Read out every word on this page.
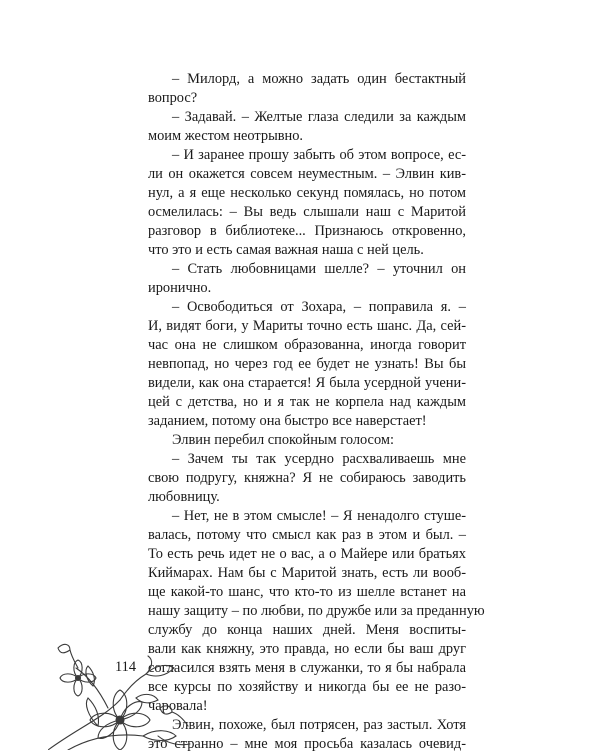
– Милорд, а можно задать один бестактный
вопрос?
– Задавай. – Желтые глаза следили за каждым
моим жестом неотрывно.
– И заранее прошу забыть об этом вопросе, ес-
ли он окажется совсем неуместным. – Элвин кив-
нул, а я еще несколько секунд помялась, но потом
осмелилась: – Вы ведь слышали наш с Маритой
разговор в библиотеке... Признаюсь откровенно,
что это и есть самая важная наша с ней цель.
– Стать любовницами шелле? – уточнил он
иронично.
– Освободиться от Зохара, – поправила я. –
И, видят боги, у Мариты точно есть шанс. Да, сей-
час она не слишком образованна, иногда говорит
невпопад, но через год ее будет не узнать! Вы бы
видели, как она старается! Я была усердной учени-
цей с детства, но и я так не корпела над каждым
заданием, потому она быстро все наверстает!
Элвин перебил спокойным голосом:
– Зачем ты так усердно расхваливаешь мне
свою подругу, княжна? Я не собираюсь заводить
любовницу.
– Нет, не в этом смысле! – Я ненадолго стуше-
валась, потому что смысл как раз в этом и был. –
То есть речь идет не о вас, а о Майере или братьях
Киймарах. Нам бы с Маритой знать, есть ли вооб-
ще какой-то шанс, что кто-то из шелле встанет на
нашу защиту – по любви, по дружбе или за преданную
службу до конца наших дней. Меня воспиты-
вали как княжну, это правда, но если бы ваш друг
согласился взять меня в служанки, то я бы набрала
все курсы по хозяйству и никогда бы ее не разо-
чаровала!
Элвин, похоже, был потрясен, раз застыл. Хотя
это странно – мне моя просьба казалась очевид-
114
